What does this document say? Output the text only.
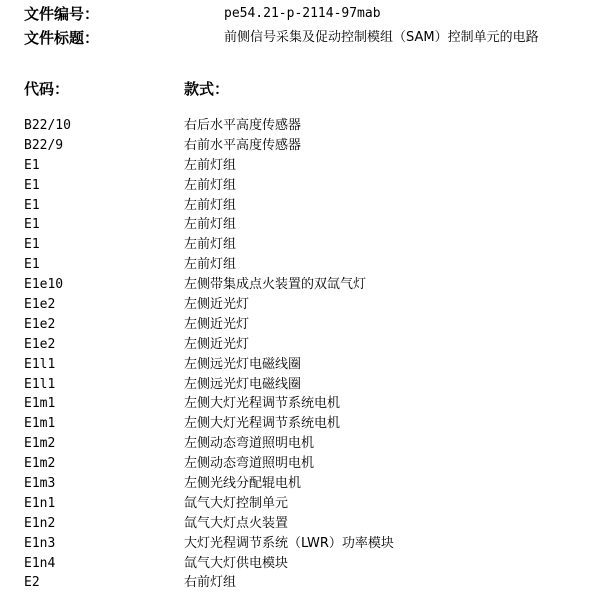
文件编号：	pe54.21-p-2114-97mab
文件标题：	前侧信号采集及促动控制模组（SAM）控制单元的电路
代码：	款式：
B22/10	右后水平高度传感器
B22/9	右前水平高度传感器
E1	左前灯组
E1	左前灯组
E1	左前灯组
E1	左前灯组
E1	左前灯组
E1	左前灯组
E1e10	左侧带集成点火装置的双氙气灯
E1e2	左侧近光灯
E1e2	左侧近光灯
E1e2	左侧近光灯
E1l1	左侧远光灯电磁线圈
E1l1	左侧远光灯电磁线圈
E1m1	左侧大灯光程调节系统电机
E1m1	左侧大灯光程调节系统电机
E1m2	左侧动态弯道照明电机
E1m2	左侧动态弯道照明电机
E1m3	左侧光线分配辊电机
E1n1	氙气大灯控制单元
E1n2	氙气大灯点火装置
E1n3	大灯光程调节系统（LWR）功率模块
E1n4	氙气大灯供电模块
E2	右前灯组
